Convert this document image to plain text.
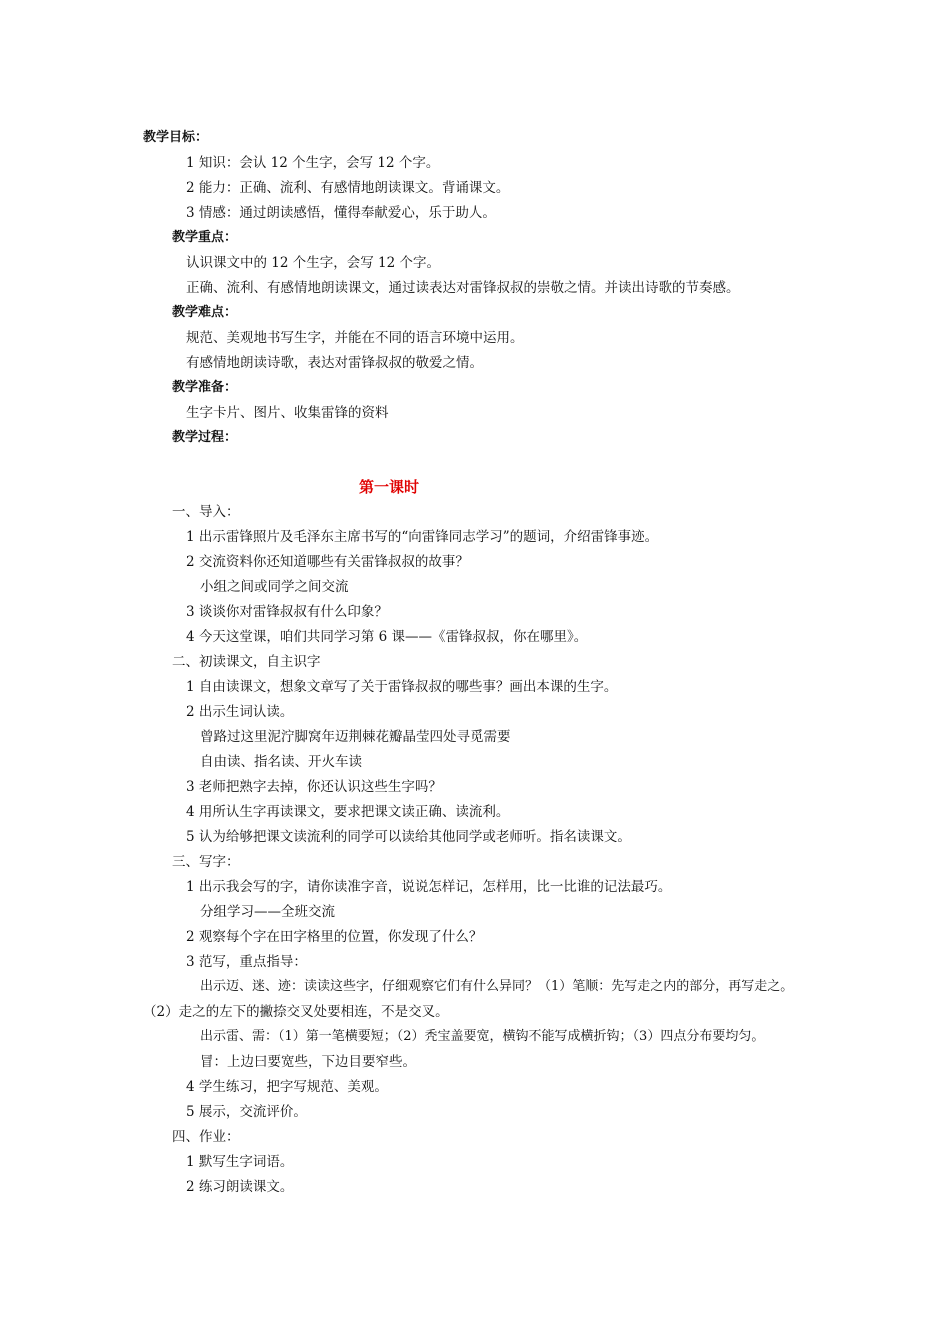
教学目标：
1 知识：会认 12 个生字，会写 12 个字。
2 能力：正确、流利、有感情地朗读课文。背诵课文。
3 情感：通过朗读感悟，懂得奉献爱心，乐于助人。
教学重点：
认识课文中的 12 个生字，会写 12 个字。
正确、流利、有感情地朗读课文，通过读表达对雷锋叔叔的崇敬之情。并读出诗歌的节奏感。
教学难点：
规范、美观地书写生字，并能在不同的语言环境中运用。
有感情地朗读诗歌，表达对雷锋叔叔的敬爱之情。
教学准备：
生字卡片、图片、收集雷锋的资料
教学过程：
第一课时
一、导入：
1 出示雷锋照片及毛泽东主席书写的“向雷锋同志学习”的题词，介绍雷锋事迹。
2 交流资料你还知道哪些有关雷锋叔叔的故事？
小组之间或同学之间交流
3 谈谈你对雷锋叔叔有什么印象？
4 今天这堂课，咱们共同学习第 6 课——《雷锋叔叔，你在哪里》。
二、初读课文，自主识字
1 自由读课文，想象文章写了关于雷锋叔叔的哪些事？画出本课的生字。
2 出示生词认读。
曾路过这里泥泞脚窝年迈荆棘花瓣晶莹四处寻觅需要
自由读、指名读、开火车读
3 老师把熟字去掉，你还认识这些生字吗？
4 用所认生字再读课文，要求把课文读正确、读流利。
5 认为给够把课文读流利的同学可以读给其他同学或老师听。指名读课文。
三、写字：
1 出示我会写的字，请你读准字音，说说怎样记，怎样用，比一比谁的记法最巧。
分组学习——全班交流
2 观察每个字在田字格里的位置，你发现了什么？
3 范写，重点指导：
出示迈、迷、迹：读读这些字，仔细观察它们有什么异同？（1）笔顺：先写走之内的部分，再写走之。
（2）走之的左下的撇捺交叉处要相连，不是交叉。
出示雷、需：（1）第一笔横要短；（2）秃宝盖要宽，横钩不能写成横折钩；（3）四点分布要均匀。
冒：上边曰要宽些，下边目要窄些。
4 学生练习，把字写规范、美观。
5 展示，交流评价。
四、作业：
1 默写生字词语。
2 练习朗读课文。
